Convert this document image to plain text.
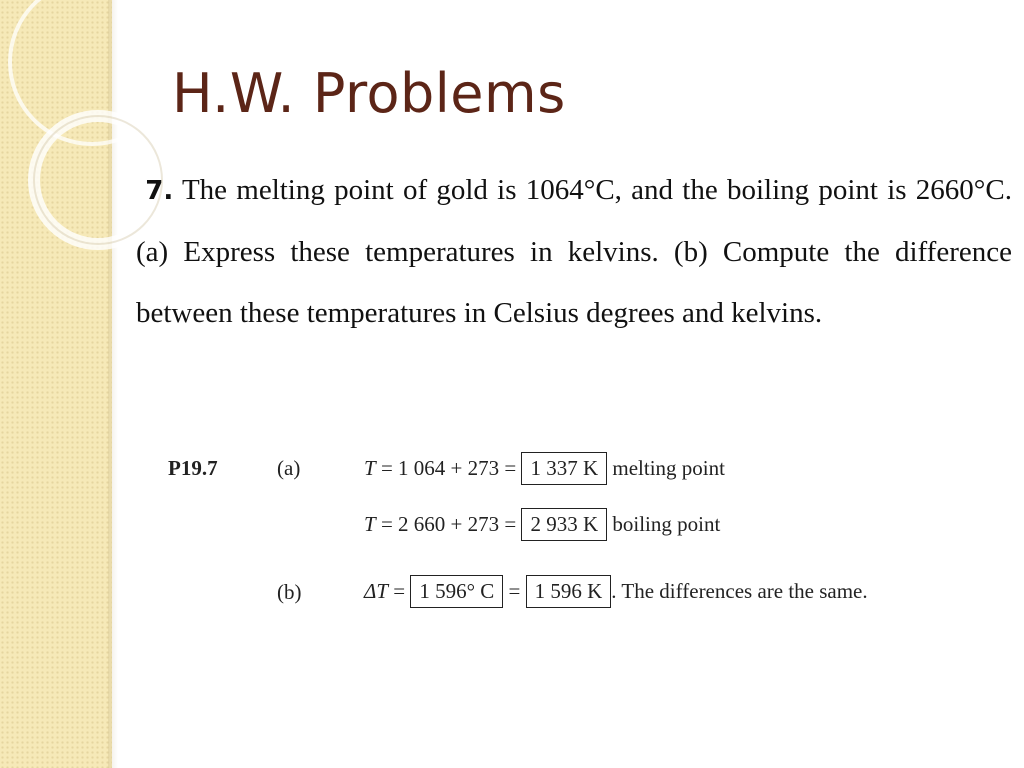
H.W. Problems

7. The melting point of gold is 1064°C, and the boiling point is 2660°C. (a) Express these temperatures in kelvins. (b) Compute the difference between these temperatures in Celsius degrees and kelvins.

P19.7	(a)	T = 1 064 + 273 = 1 337 K melting point
T = 2 660 + 273 = 2 933 K boiling point
(b)	ΔT = 1 596° C = 1 596 K . The differences are the same.
